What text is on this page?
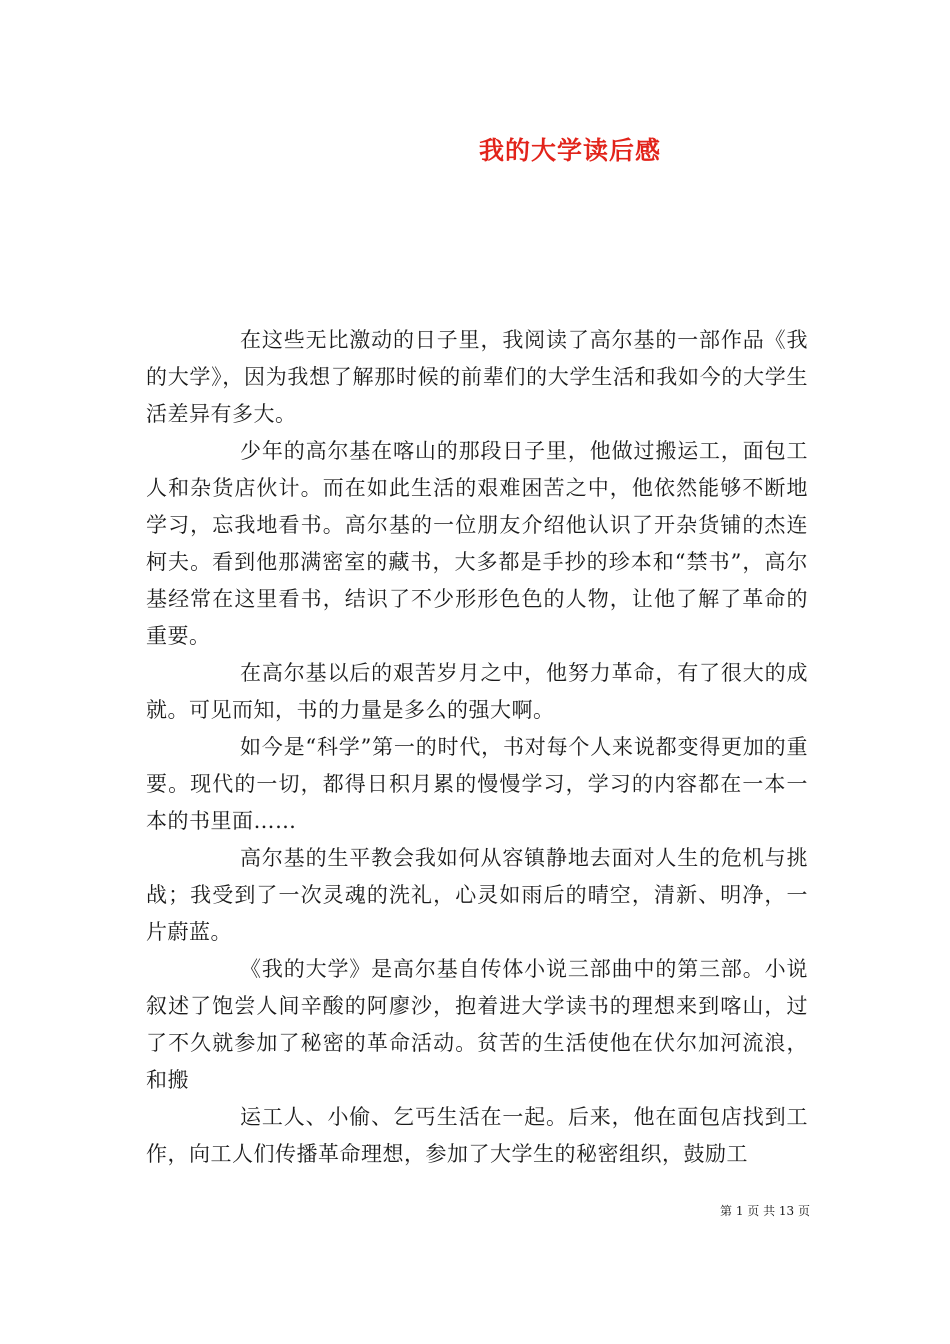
我的大学读后感

在这些无比激动的日子里，我阅读了高尔基的一部作品《我的大学》，因为我想了解那时候的前辈们的大学生活和我如今的大学生活差异有多大。

少年的高尔基在喀山的那段日子里，他做过搬运工，面包工人和杂货店伙计。而在如此生活的艰难困苦之中，他依然能够不断地学习，忘我地看书。高尔基的一位朋友介绍他认识了开杂货铺的杰连柯夫。看到他那满密室的藏书，大多都是手抄的珍本和“禁书”，高尔基经常在这里看书，结识了不少形形色色的人物，让他了解了革命的重要。

在高尔基以后的艰苦岁月之中，他努力革命，有了很大的成就。可见而知，书的力量是多么的强大啊。

如今是“科学”第一的时代，书对每个人来说都变得更加的重要。现代的一切，都得日积月累的慢慢学习，学习的内容都在一本一本的书里面……

高尔基的生平教会我如何从容镇静地去面对人生的危机与挑战；我受到了一次灵魂的洗礼，心灵如雨后的晴空，清新、明净，一片蔚蓝。

《我的大学》是高尔基自传体小说三部曲中的第三部。小说叙述了饱尝人间辛酸的阿廖沙，抱着进大学读书的理想来到喀山，过了不久就参加了秘密的革命活动。贫苦的生活使他在伏尔加河流浪，和搬

运工人、小偷、乞丐生活在一起。后来，他在面包店找到工作，向工人们传播革命理想，参加了大学生的秘密组织，鼓励工

第 1 页 共 13 页
